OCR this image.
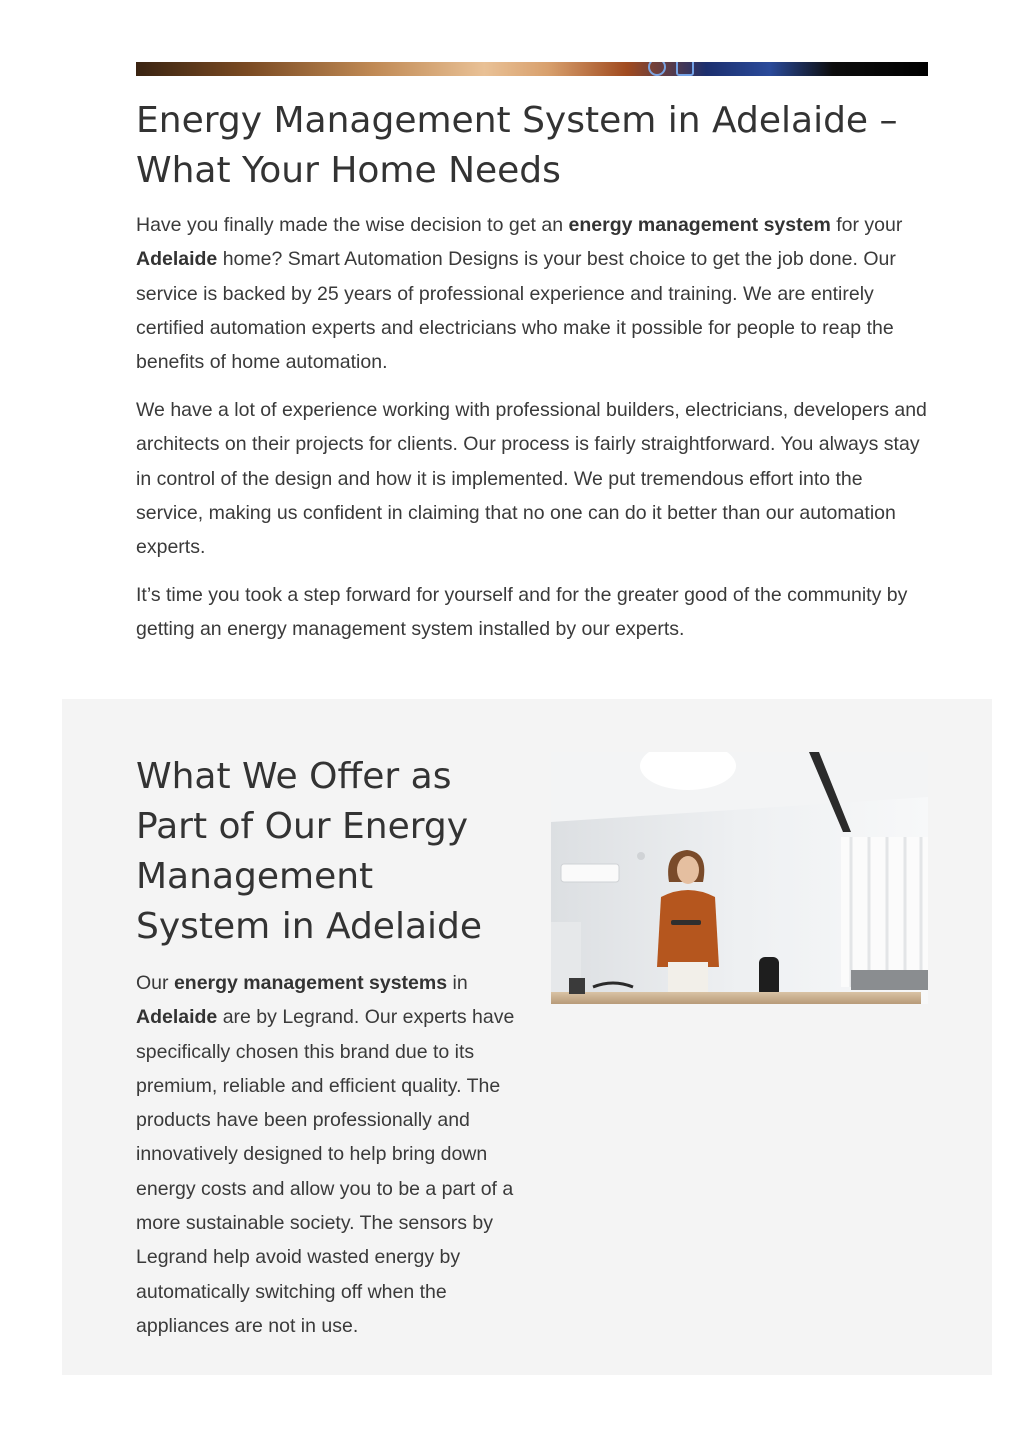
Energy Management System in Adelaide – What Your Home Needs

Have you finally made the wise decision to get an energy management system for your Adelaide home? Smart Automation Designs is your best choice to get the job done. Our service is backed by 25 years of professional experience and training. We are entirely certified automation experts and electricians who make it possible for people to reap the benefits of home automation.

We have a lot of experience working with professional builders, electricians, developers and architects on their projects for clients. Our process is fairly straightforward. You always stay in control of the design and how it is implemented. We put tremendous effort into the service, making us confident in claiming that no one can do it better than our automation experts.

It’s time you took a step forward for yourself and for the greater good of the community by getting an energy management system installed by our experts.

What We Offer as Part of Our Energy Management System in Adelaide

Our energy management systems in Adelaide are by Legrand. Our experts have specifically chosen this brand due to its premium, reliable and efficient quality. The products have been professionally and innovatively designed to help bring down energy costs and allow you to be a part of a more sustainable society. The sensors by Legrand help avoid wasted energy by automatically switching off when the appliances are not in use.
